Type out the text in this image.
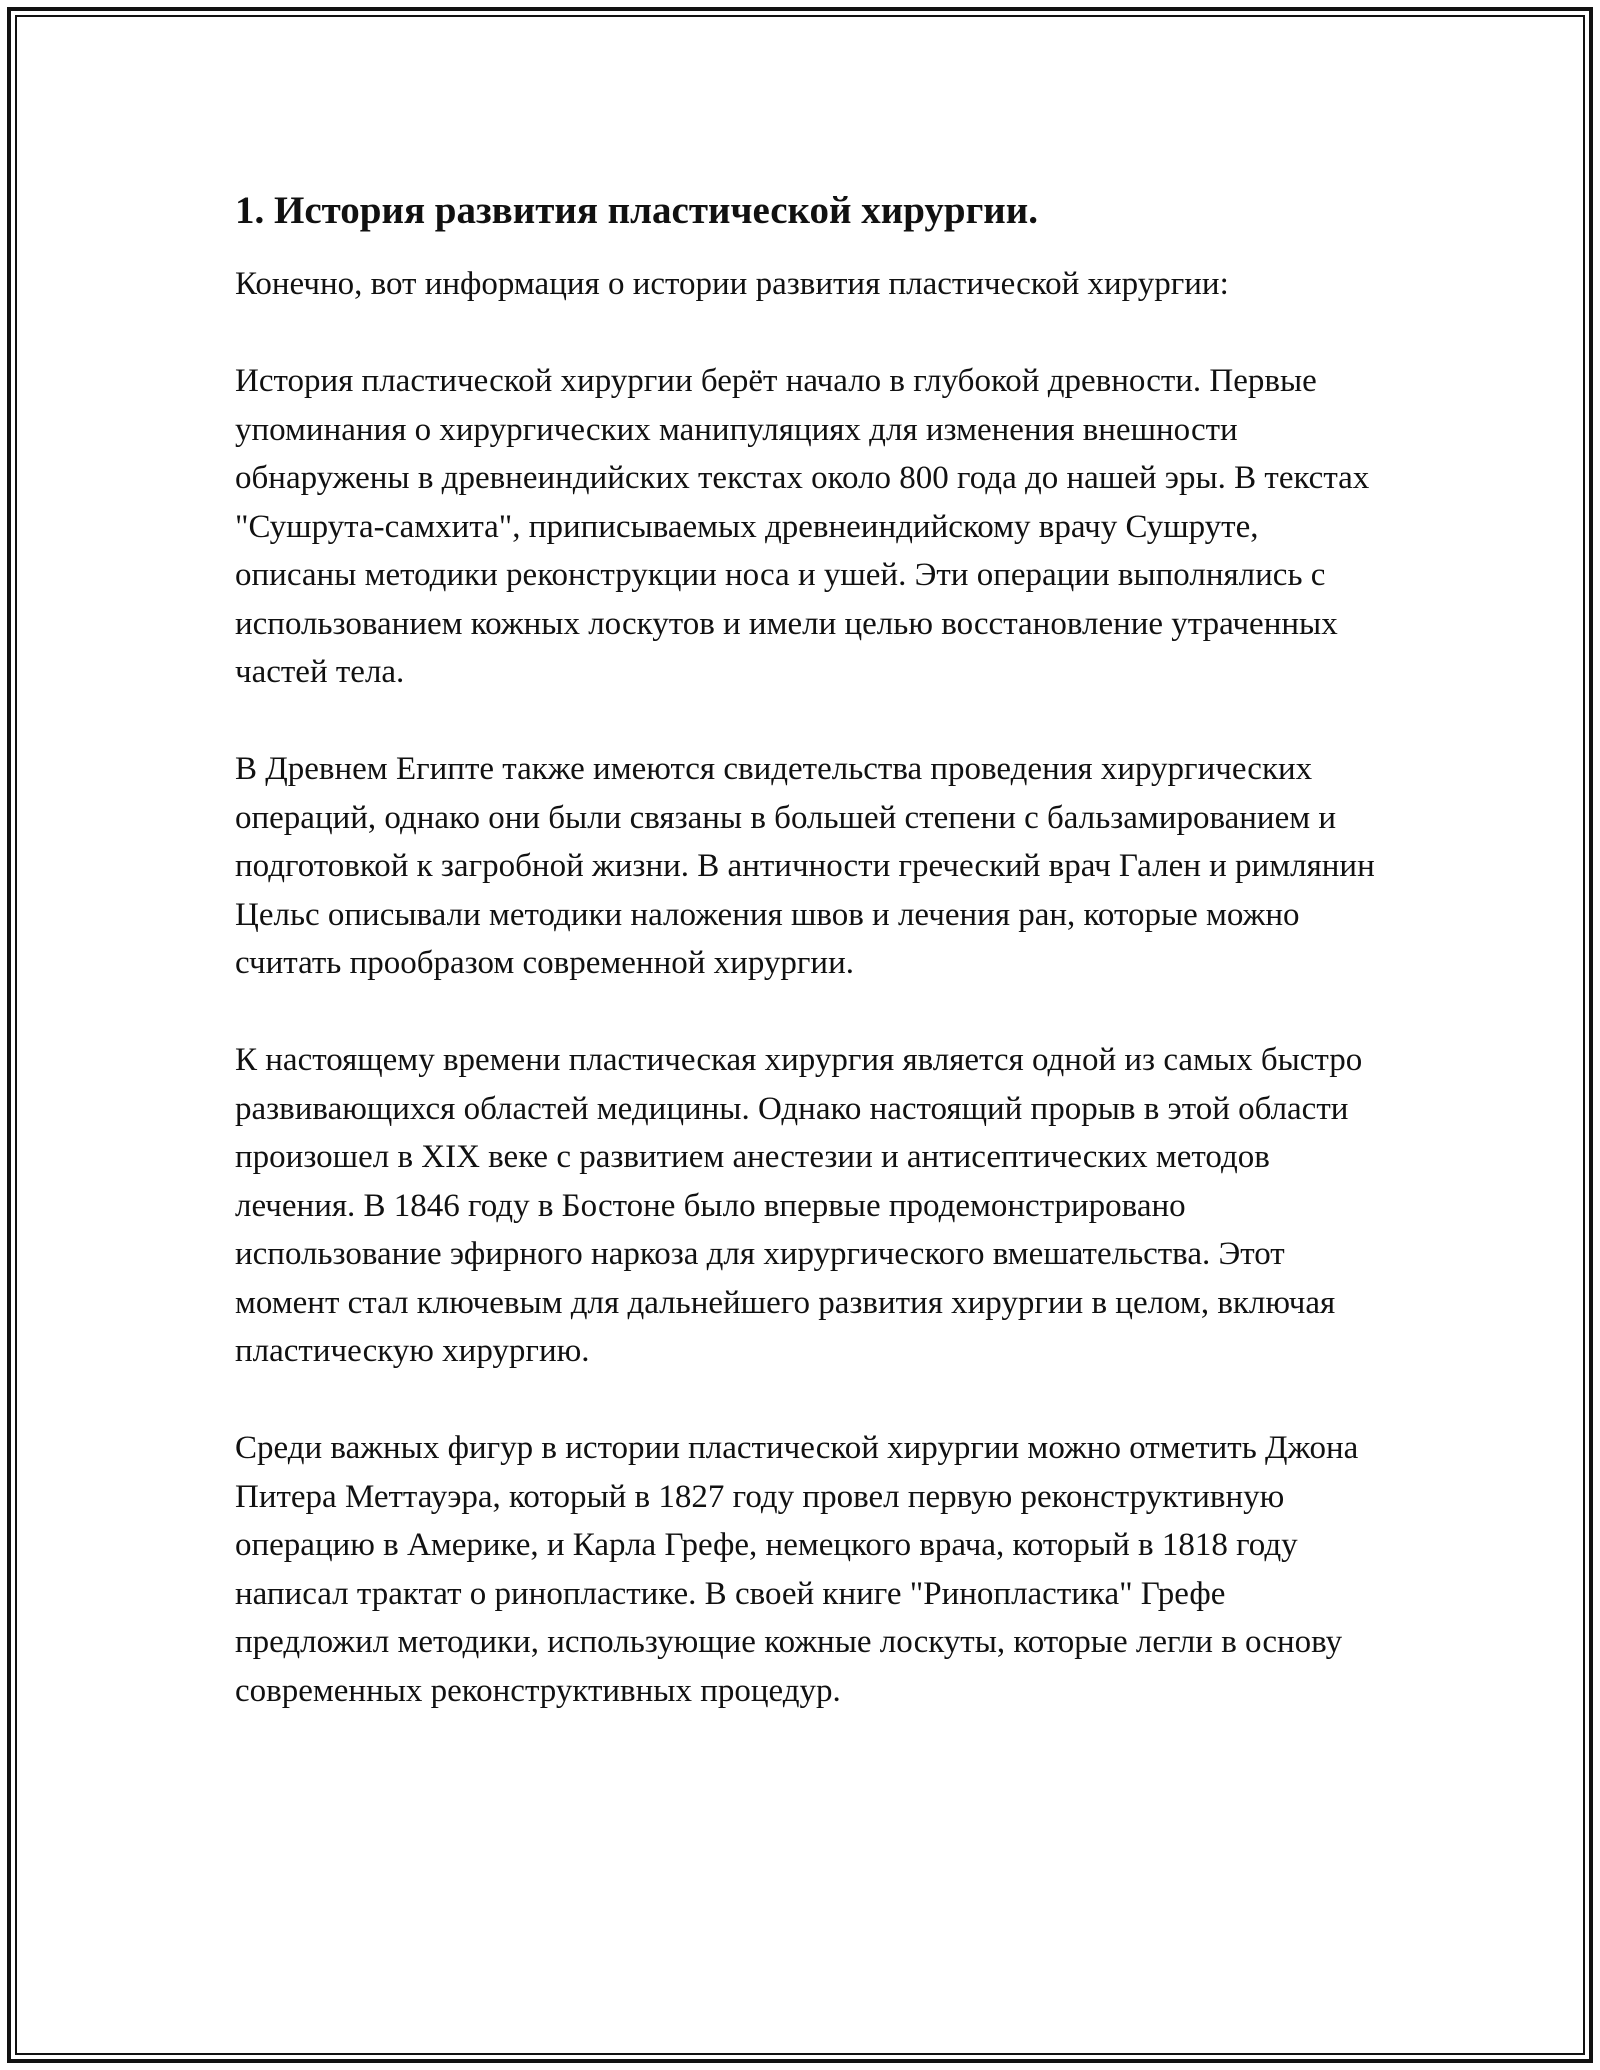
1. История развития пластической хирургии.

Конечно, вот информация о истории развития пластической хирургии:

История пластической хирургии берёт начало в глубокой древности. Первые упоминания о хирургических манипуляциях для изменения внешности обнаружены в древнеиндийских текстах около 800 года до нашей эры. В текстах "Сушрута-самхита", приписываемых древнеиндийскому врачу Сушруте, описаны методики реконструкции носа и ушей. Эти операции выполнялись с использованием кожных лоскутов и имели целью восстановление утраченных частей тела.

В Древнем Египте также имеются свидетельства проведения хирургических операций, однако они были связаны в большей степени с бальзамированием и подготовкой к загробной жизни. В античности греческий врач Гален и римлянин Цельс описывали методики наложения швов и лечения ран, которые можно считать прообразом современной хирургии.

К настоящему времени пластическая хирургия является одной из самых быстро развивающихся областей медицины. Однако настоящий прорыв в этой области произошел в XIX веке с развитием анестезии и антисептических методов лечения. В 1846 году в Бостоне было впервые продемонстрировано использование эфирного наркоза для хирургического вмешательства. Этот момент стал ключевым для дальнейшего развития хирургии в целом, включая пластическую хирургию.

Среди важных фигур в истории пластической хирургии можно отметить Джона Питера Меттауэра, который в 1827 году провел первую реконструктивную операцию в Америке, и Карла Грефе, немецкого врача, который в 1818 году написал трактат о ринопластике. В своей книге "Ринопластика" Грефе предложил методики, использующие кожные лоскуты, которые легли в основу современных реконструктивных процедур.
